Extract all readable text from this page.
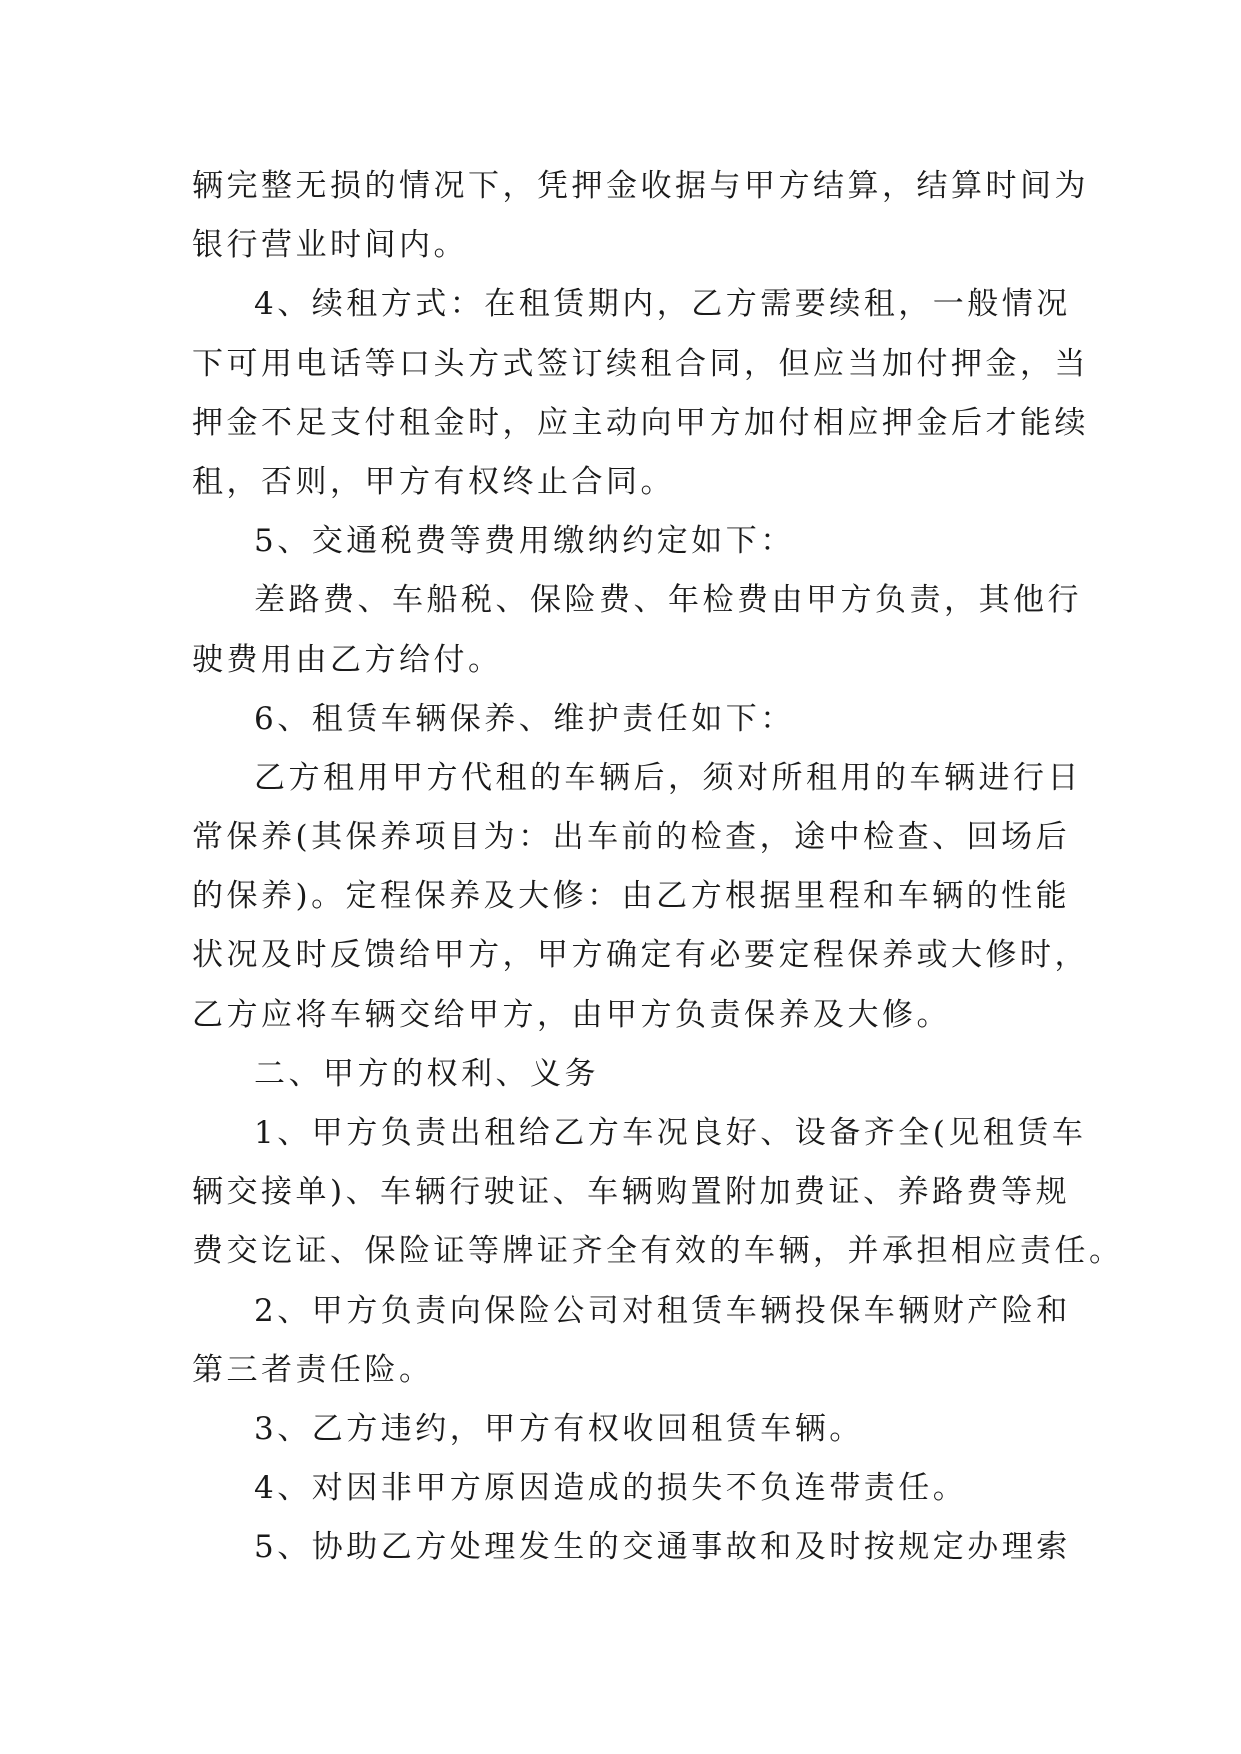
辆完整无损的情况下，凭押金收据与甲方结算，结算时间为
银行营业时间内。
4、续租方式：在租赁期内，乙方需要续租，一般情况
下可用电话等口头方式签订续租合同，但应当加付押金，当
押金不足支付租金时，应主动向甲方加付相应押金后才能续
租，否则，甲方有权终止合同。
5、交通税费等费用缴纳约定如下：
差路费、车船税、保险费、年检费由甲方负责，其他行
驶费用由乙方给付。
6、租赁车辆保养、维护责任如下：
乙方租用甲方代租的车辆后，须对所租用的车辆进行日
常保养(其保养项目为：出车前的检查，途中检查、回场后
的保养)。定程保养及大修：由乙方根据里程和车辆的性能
状况及时反馈给甲方，甲方确定有必要定程保养或大修时，
乙方应将车辆交给甲方，由甲方负责保养及大修。
二、甲方的权利、义务
1、甲方负责出租给乙方车况良好、设备齐全(见租赁车
辆交接单)、车辆行驶证、车辆购置附加费证、养路费等规
费交讫证、保险证等牌证齐全有效的车辆，并承担相应责任。
2、甲方负责向保险公司对租赁车辆投保车辆财产险和
第三者责任险。
3、乙方违约，甲方有权收回租赁车辆。
4、对因非甲方原因造成的损失不负连带责任。
5、协助乙方处理发生的交通事故和及时按规定办理索
